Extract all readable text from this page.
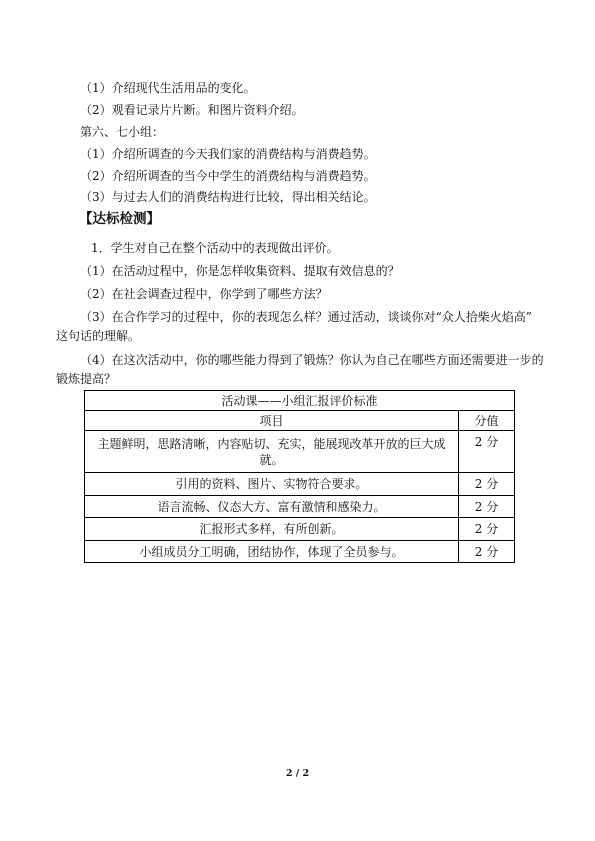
（1）介绍现代生活用品的变化。
（2）观看记录片片断。和图片资料介绍。
第六、七小组：
（1）介绍所调查的今天我们家的消费结构与消费趋势。
（2）介绍所调查的当今中学生的消费结构与消费趋势。
（3）与过去人们的消费结构进行比较，得出相关结论。
【达标检测】
1．学生对自己在整个活动中的表现做出评价。
（1）在活动过程中，你是怎样收集资料、提取有效信息的？
（2）在社会调查过程中，你学到了哪些方法？
（3）在合作学习的过程中，你的表现怎么样？通过活动，谈谈你对“众人拾柴火焰高”
这句话的理解。
（4）在这次活动中，你的哪些能力得到了锻炼？你认为自己在哪些方面还需要进一步的
锻炼提高？
活动课——小组汇报评价标准	
项目	分值
主题鲜明，思路清晰，内容贴切、充实，能展现改革开放的巨大成
就。	2 分
引用的资料、图片、实物符合要求。	2 分
语言流畅、仪态大方、富有激情和感染力。	2 分
汇报形式多样，有所创新。	2 分
小组成员分工明确，团结协作，体现了全员参与。	2 分
2 / 2
